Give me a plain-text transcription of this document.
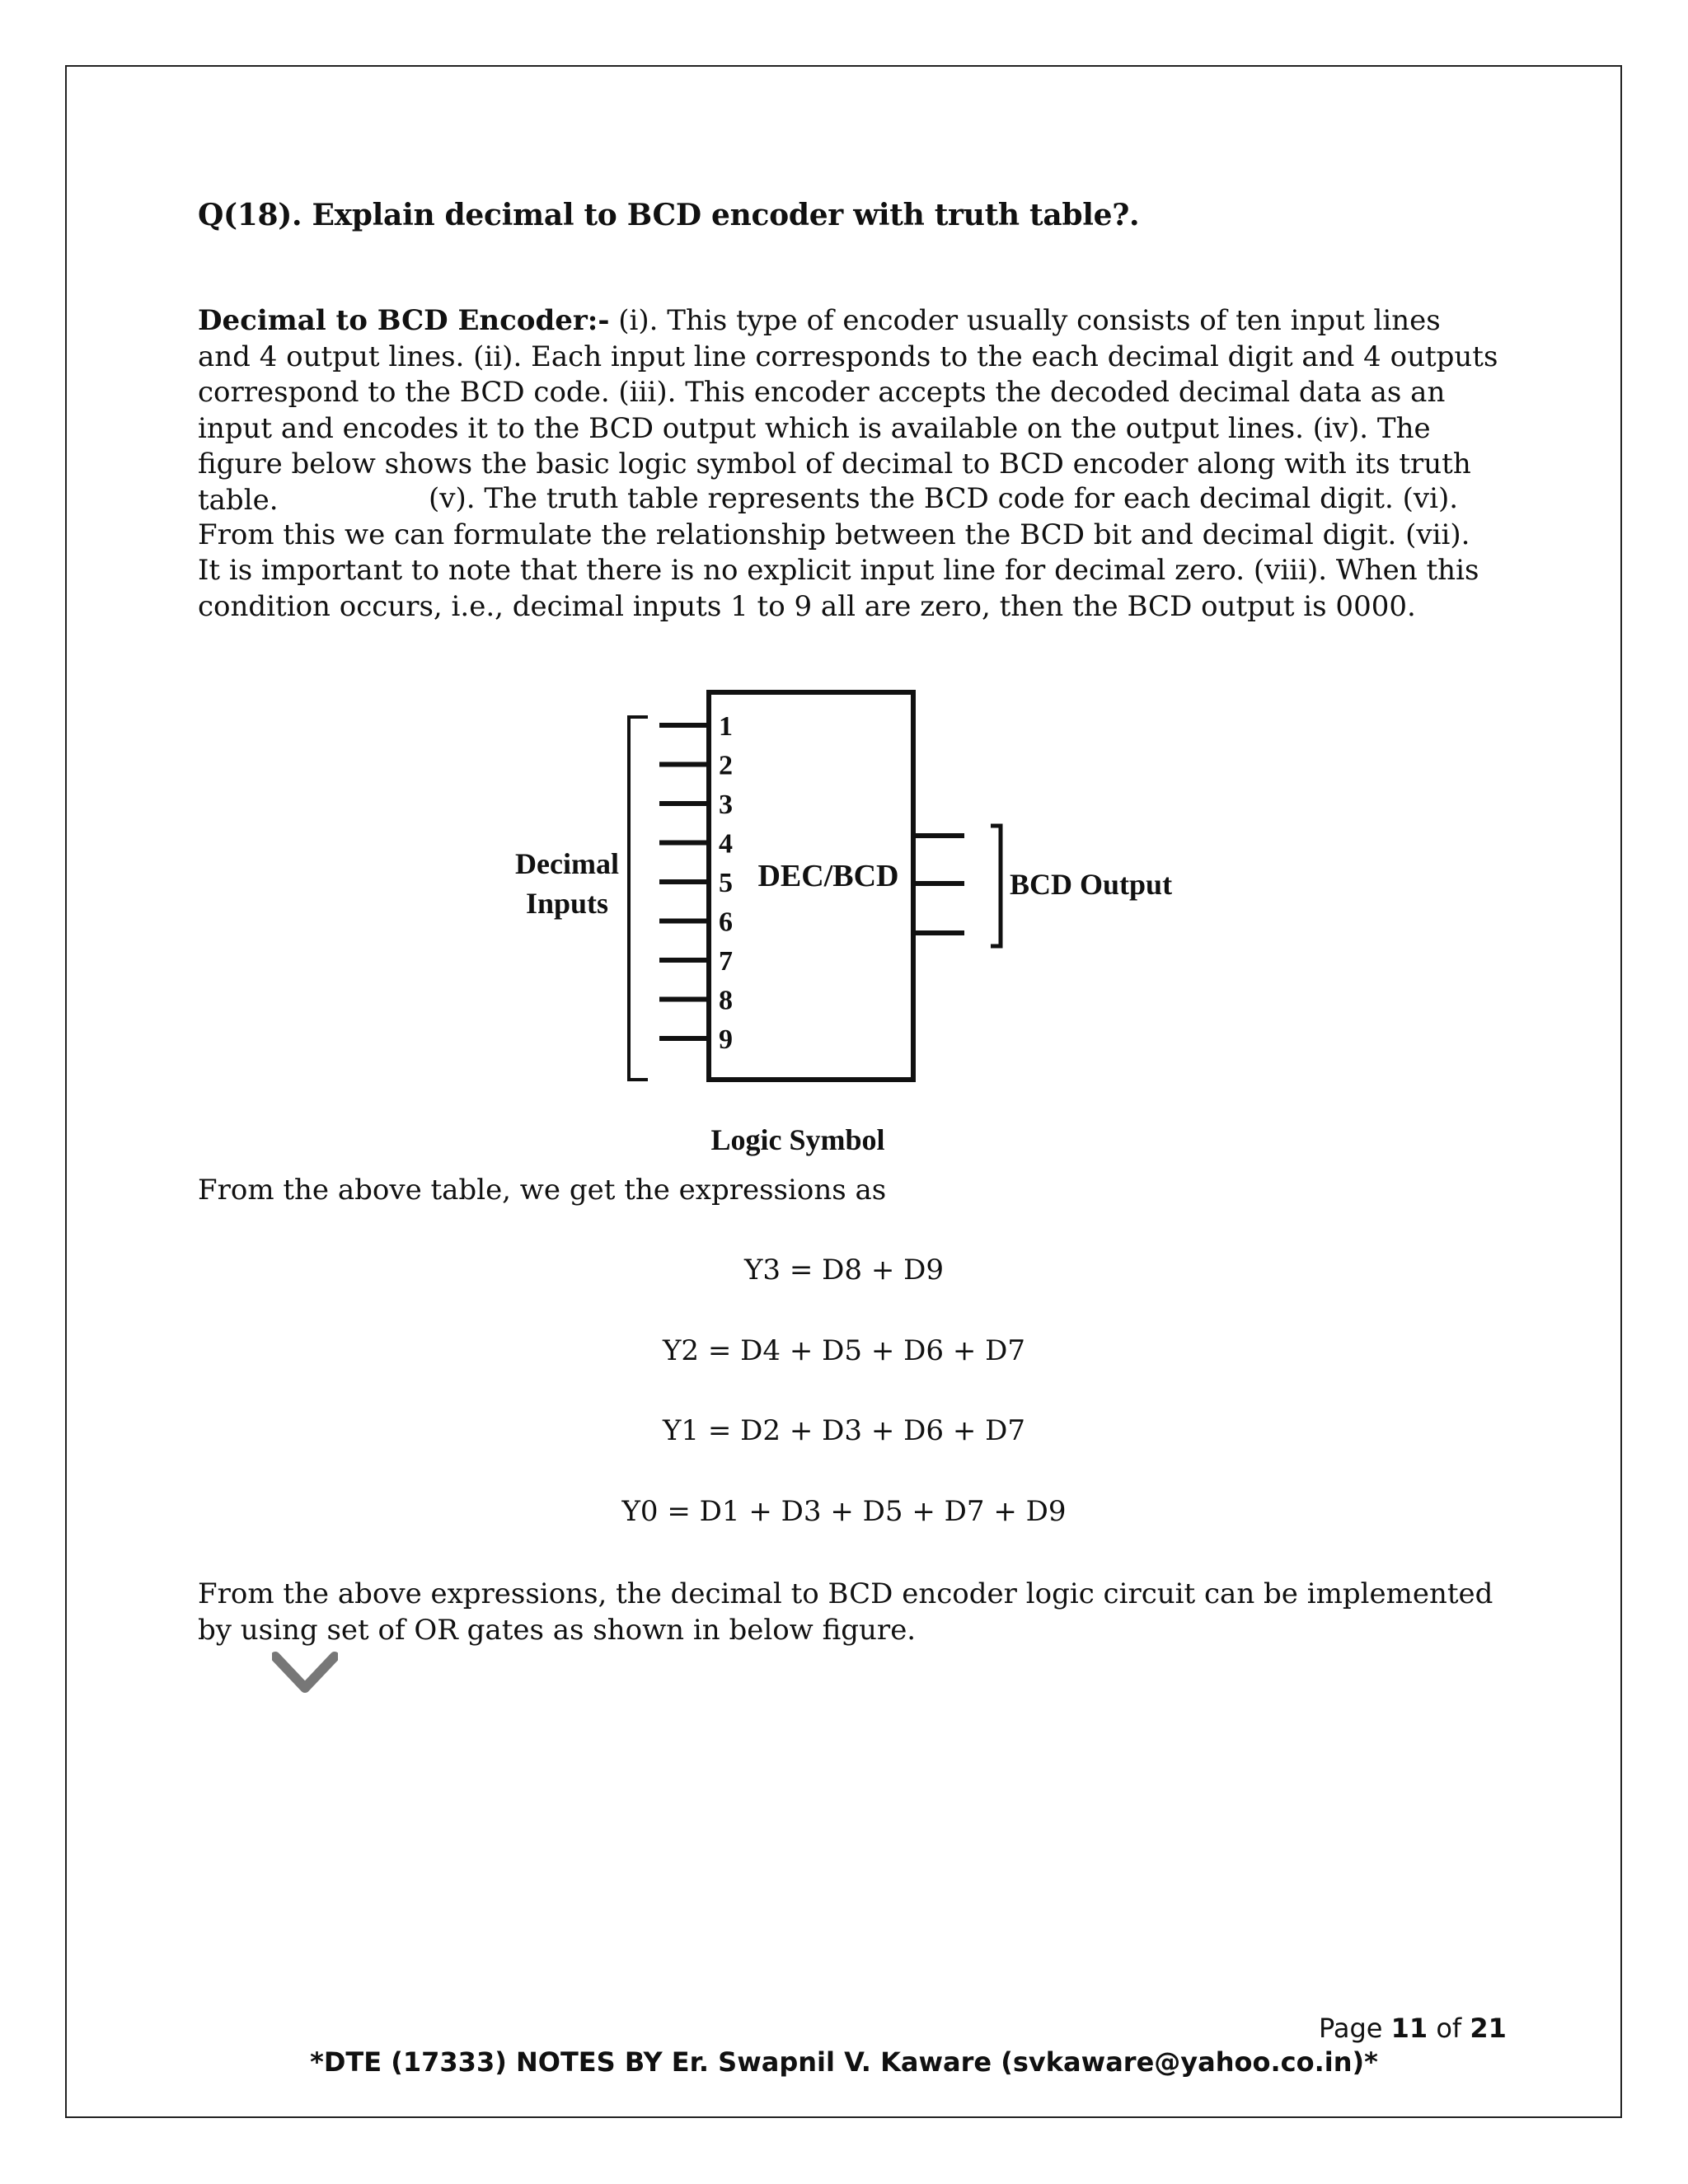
Q(18). Explain decimal to BCD encoder with truth table?.

Decimal to BCD Encoder:- (i). This type of encoder usually consists of ten input lines and 4 output lines. (ii). Each input line corresponds to the each decimal digit and 4 outputs correspond to the BCD code. (iii). This encoder accepts the decoded decimal data as an input and encodes it to the BCD output which is available on the output lines. (iv). The figure below shows the basic logic symbol of decimal to BCD encoder along with its truth table.	(v). The truth table represents the BCD code for each decimal digit. (vi). From this we can formulate the relationship between the BCD bit and decimal digit. (vii). It is important to note that there is no explicit input line for decimal zero. (viii). When this condition occurs, i.e., decimal inputs 1 to 9 all are zero, then the BCD output is 0000.

1
2
3
4
5
6
7
8
9
DEC/BCD
Decimal
Inputs
BCD Output
Logic Symbol
From the above table, we get the expressions as
Y3 = D8 + D9
Y2 = D4 + D5 + D6 + D7
Y1 = D2 + D3 + D6 + D7
Y0 = D1 + D3 + D5 + D7 + D9

From the above expressions, the decimal to BCD encoder logic circuit can be implemented by using set of OR gates as shown in below figure.

Page 11 of 21
*DTE (17333) NOTES BY Er. Swapnil V. Kaware (svkaware@yahoo.co.in)*
